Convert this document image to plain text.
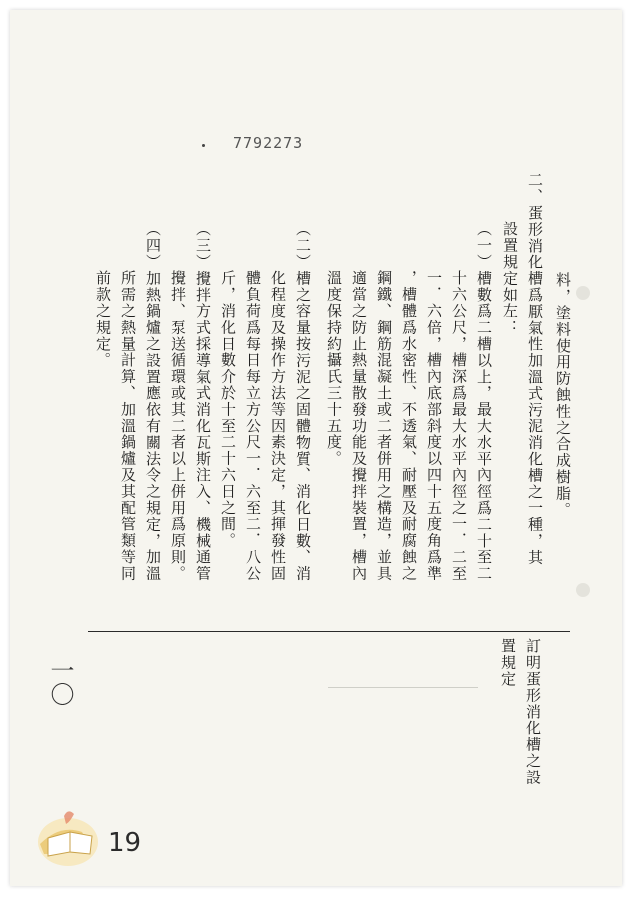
7792273
料，塗料使用防蝕性之合成樹脂。
二、蛋形消化槽爲厭氣性加溫式污泥消化槽之一種，其
設置規定如左：
（一）槽數爲二槽以上，最大水平內徑爲二十至二
十六公尺，槽深爲最大水平內徑之一．二至
一．六倍，槽內底部斜度以四十五度角爲準
，槽體爲水密性、不透氣、耐壓及耐腐蝕之
鋼鐵、鋼筋混凝土或二者併用之構造，並具
適當之防止熱量散發功能及攪拌裝置，槽內
溫度保持約攝氏三十五度。
（二）槽之容量按污泥之固體物質、消化日數、消
化程度及操作方法等因素決定，其揮發性固
體負荷爲每日每立方公尺一．六至二．八公
斤，消化日數介於十至二十六日之間。
（三）攪拌方式採導氣式消化瓦斯注入、機械通管
攪拌、泵送循環或其二者以上併用爲原則。
（四）加熱鍋爐之設置應依有關法令之規定，加溫
所需之熱量計算、加溫鍋爐及其配管類等同
前款之規定。
訂明蛋形消化槽之設
置規定
一〇
19
